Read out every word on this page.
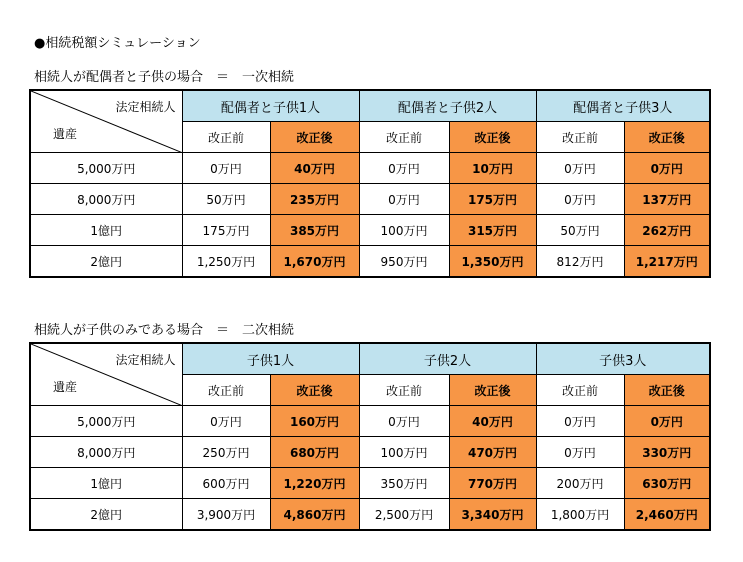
●相続税額シミュレーション
相続人が配偶者と子供の場合　＝　一次相続
法定相続人
遺産	配偶者と子供1人		配偶者と子供2人		配偶者と子供3人	
	改正前	改正後	改正前	改正後	改正前	改正後
5,000万円	0万円	40万円	0万円	10万円	0万円	0万円
8,000万円	50万円	235万円	0万円	175万円	0万円	137万円
1億円	175万円	385万円	100万円	315万円	50万円	262万円
2億円	1,250万円	1,670万円	950万円	1,350万円	812万円	1,217万円
相続人が子供のみである場合　＝　二次相続
法定相続人
遺産	子供1人		子供2人		子供3人	
	改正前	改正後	改正前	改正後	改正前	改正後
5,000万円	0万円	160万円	0万円	40万円	0万円	0万円
8,000万円	250万円	680万円	100万円	470万円	0万円	330万円
1億円	600万円	1,220万円	350万円	770万円	200万円	630万円
2億円	3,900万円	4,860万円	2,500万円	3,340万円	1,800万円	2,460万円
